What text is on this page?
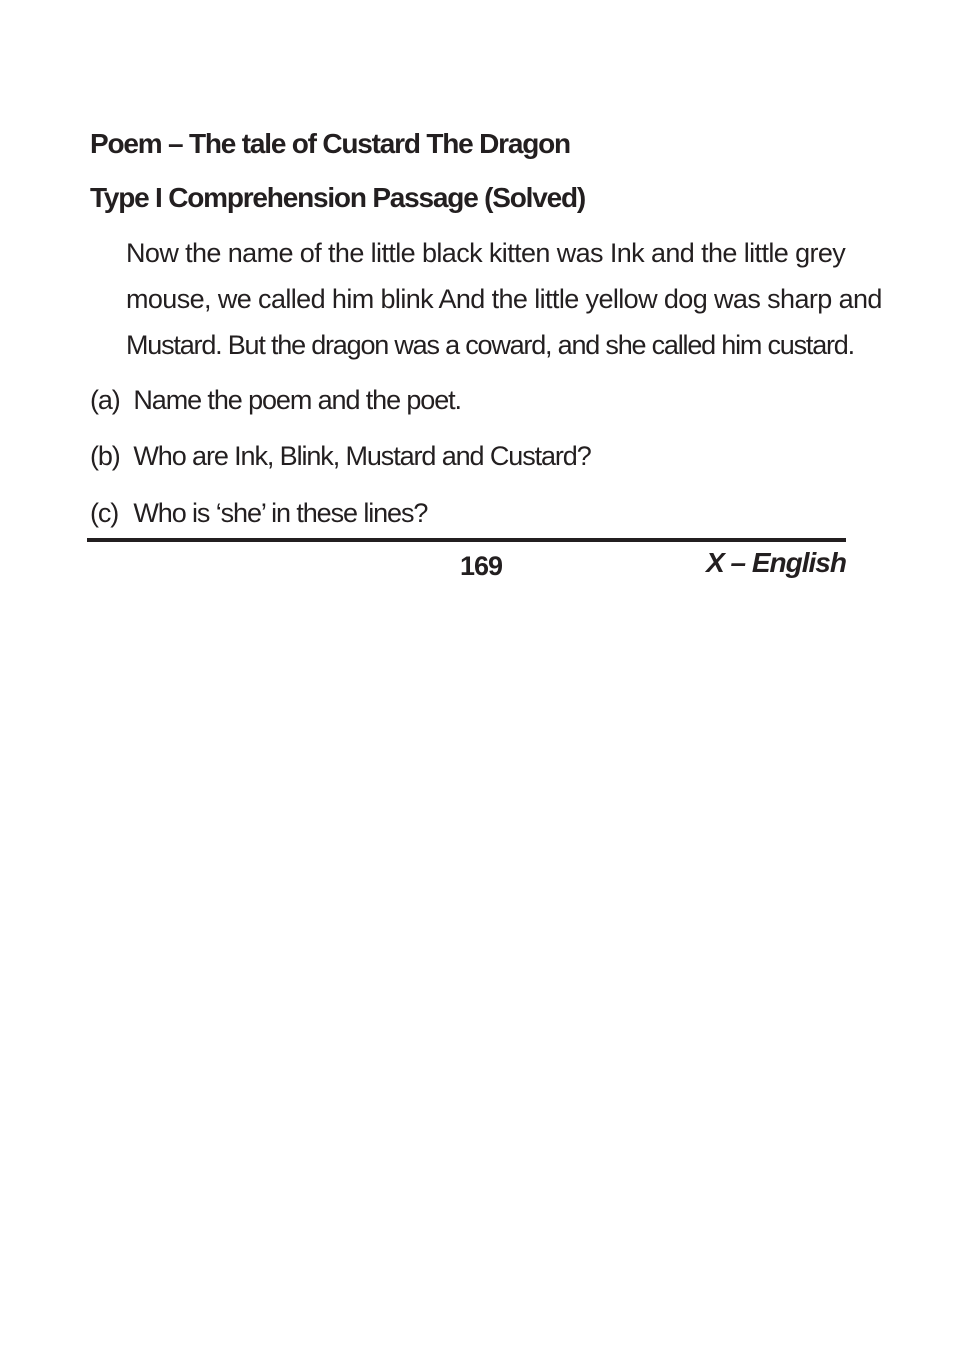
Poem – The tale of Custard The Dragon
Type I Comprehension Passage (Solved)
Now the name of the little black kitten was Ink and the little grey
mouse, we called him blink And the little yellow dog was sharp and
Mustard. But the dragon was a coward, and she called him custard.
(a) Name the poem and the poet.
(b) Who are Ink, Blink, Mustard and Custard?
(c) Who is ‘she’ in these lines?
169	X – English
